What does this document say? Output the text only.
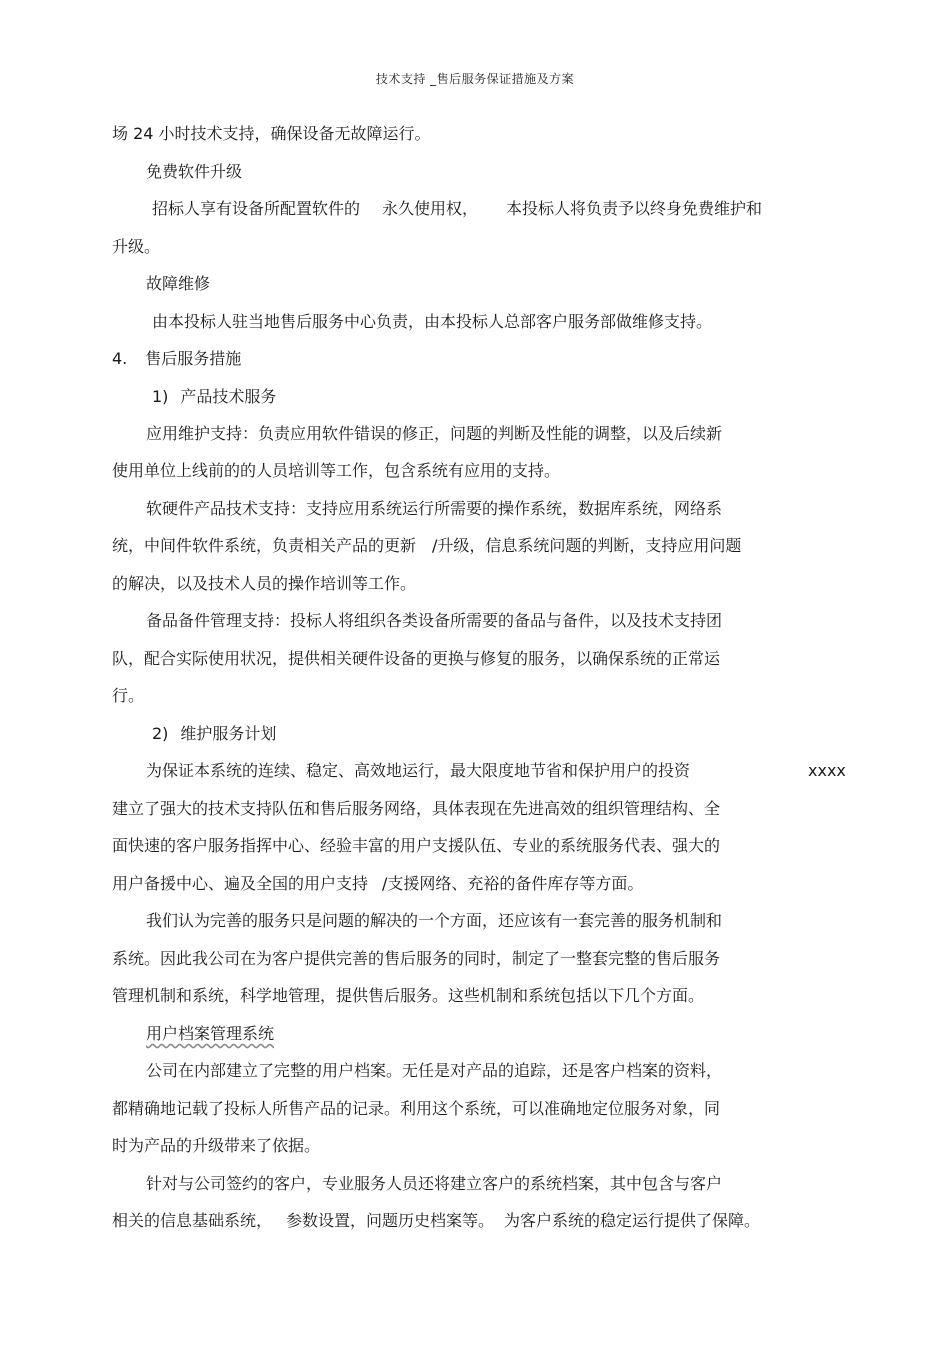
技术支持 _售后服务保证措施及方案
场 24 小时技术支持，确保设备无故障运行。
免费软件升级
招标人享有设备所配置软件的 永久使用权， 本投标人将负责予以终身免费维护和
升级。
故障维修
由本投标人驻当地售后服务中心负责，由本投标人总部客户服务部做维修支持。
4. 售后服务措施
1) 产品技术服务
应用维护支持：负责应用软件错误的修正，问题的判断及性能的调整，以及后续新
使用单位上线前的的人员培训等工作，包含系统有应用的支持。
软硬件产品技术支持：支持应用系统运行所需要的操作系统，数据库系统，网络系
统，中间件软件系统，负责相关产品的更新 /升级，信息系统问题的判断，支持应用问题
的解决，以及技术人员的操作培训等工作。
备品备件管理支持：投标人将组织各类设备所需要的备品与备件，以及技术支持团
队，配合实际使用状况，提供相关硬件设备的更换与修复的服务，以确保系统的正常运
行。
2) 维护服务计划
为保证本系统的连续、稳定、高效地运行，最大限度地节省和保护用户的投资	xxxx
建立了强大的技术支持队伍和售后服务网络，具体表现在先进高效的组织管理结构、全
面快速的客户服务指挥中心、经验丰富的用户支援队伍、专业的系统服务代表、强大的
用户备援中心、遍及全国的用户支持 /支援网络、充裕的备件库存等方面。
我们认为完善的服务只是问题的解决的一个方面，还应该有一套完善的服务机制和
系统。因此我公司在为客户提供完善的售后服务的同时，制定了一整套完整的售后服务
管理机制和系统，科学地管理，提供售后服务。这些机制和系统包括以下几个方面。
用户档案管理系统
公司在内部建立了完整的用户档案。无任是对产品的追踪，还是客户档案的资料，
都精确地记载了投标人所售产品的记录。利用这个系统，可以准确地定位服务对象，同
时为产品的升级带来了依据。
针对与公司签约的客户，专业服务人员还将建立客户的系统档案，其中包含与客户
相关的信息基础系统， 参数设置，问题历史档案等。 为客户系统的稳定运行提供了保障。
